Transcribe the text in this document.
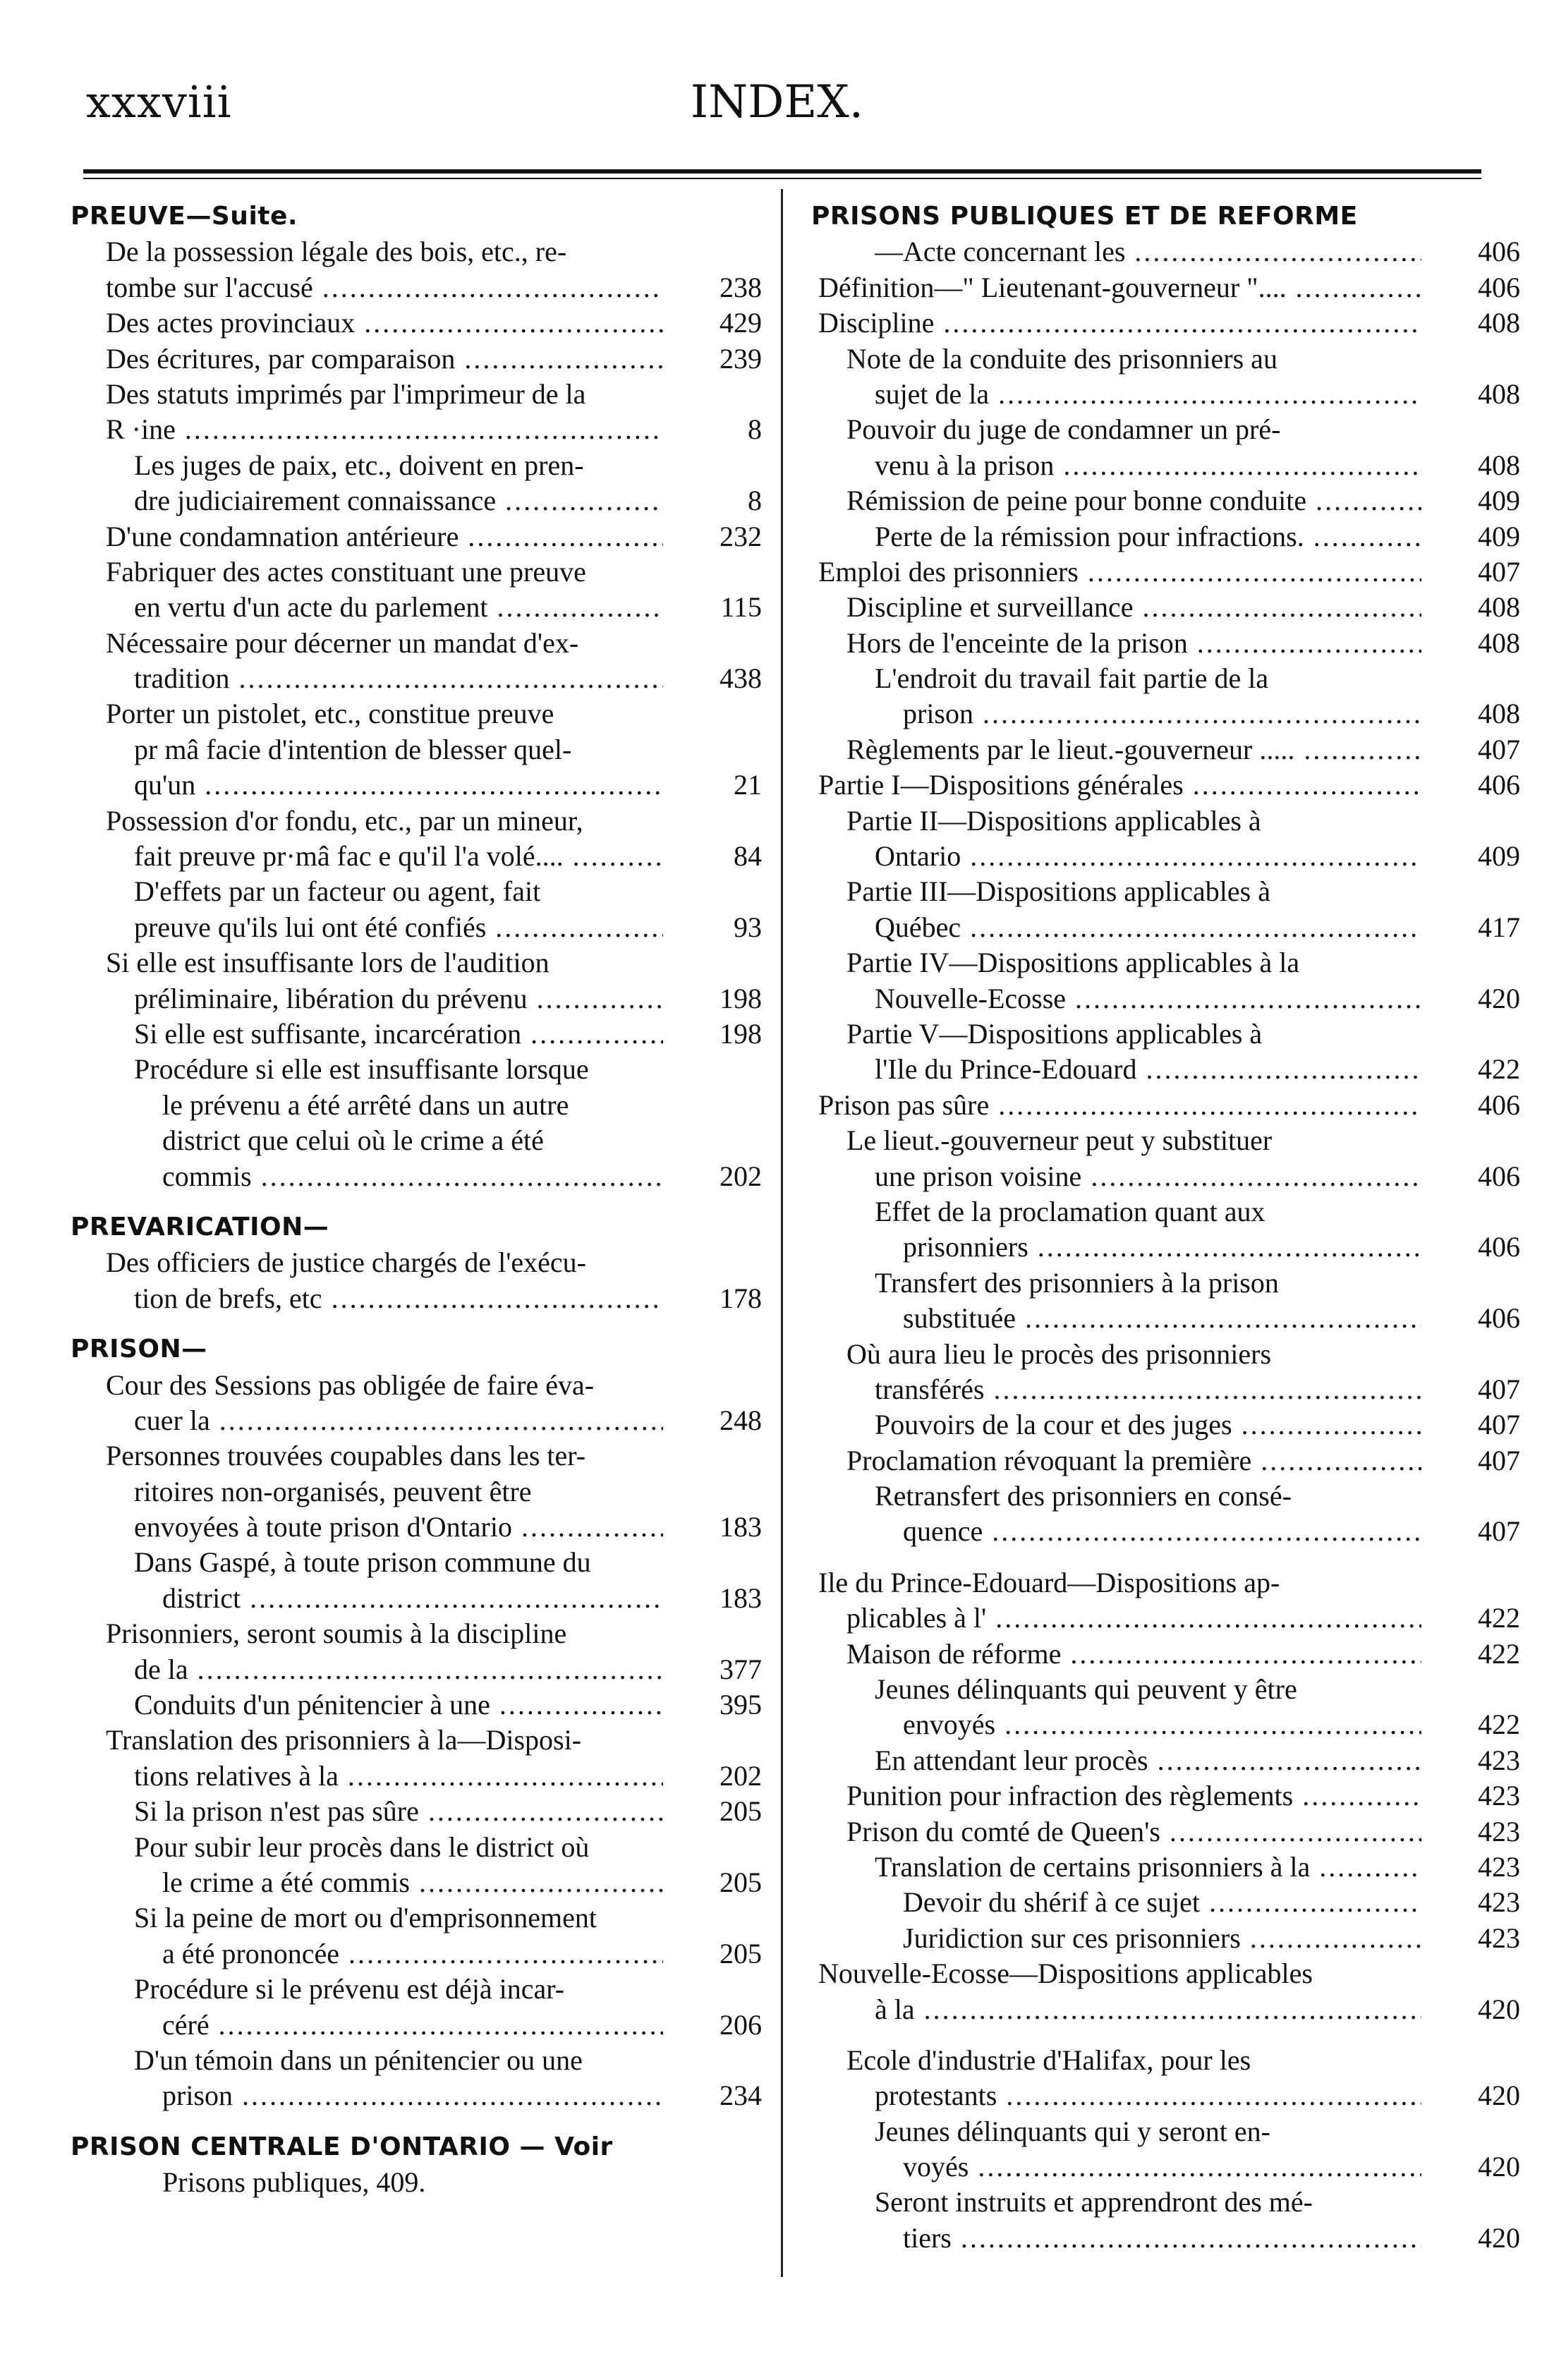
xxxviii	INDEX.
PREUVE—Suite.
De la possession légale des bois, etc., re-
tombe sur l'accusé .....	238
Des actes provinciaux .....	429
Des écritures, par comparaison .....	239
Des statuts imprimés par l'imprimeur de la
R ·ine .....	8
Les juges de paix, etc., doivent en pren-
dre judiciairement connaissance .....	8
D'une condamnation antérieure .....	232
Fabriquer des actes constituant une preuve
en vertu d'un acte du parlement .....	115
Nécessaire pour décerner un mandat d'ex-
tradition .....	438
Porter un pistolet, etc., constitue preuve
pr mâ facie d'intention de blesser quel-
qu'un .....	21
Possession d'or fondu, etc., par un mineur,
fait preuve pr·mâ fac e qu'il l'a volé.... .....	84
D'effets par un facteur ou agent, fait
preuve qu'ils lui ont été confiés .....	93
Si elle est insuffisante lors de l'audition
préliminaire, libération du prévenu .....	198
Si elle est suffisante, incarcération .....	198
Procédure si elle est insuffisante lorsque
le prévenu a été arrêté dans un autre
district que celui où le crime a été
commis .....	202
PREVARICATION—
Des officiers de justice chargés de l'exécu-
tion de brefs, etc .....	178
PRISON—
Cour des Sessions pas obligée de faire éva-
cuer la .....	248
Personnes trouvées coupables dans les ter-
ritoires non-organisés, peuvent être
envoyées à toute prison d'Ontario .....	183
Dans Gaspé, à toute prison commune du
district .....	183
Prisonniers, seront soumis à la discipline
de la .....	377
Conduits d'un pénitencier à une .....	395
Translation des prisonniers à la—Disposi-
tions relatives à la .....	202
Si la prison n'est pas sûre .....	205
Pour subir leur procès dans le district où
le crime a été commis .....	205
Si la peine de mort ou d'emprisonnement
a été prononcée .....	205
Procédure si le prévenu est déjà incar-
céré .....	206
D'un témoin dans un pénitencier ou une
prison .....	234
PRISON CENTRALE D'ONTARIO — Voir
Prisons publiques, 409.
PRISONS PUBLIQUES ET DE REFORME
—Acte concernant les .....	406
Définition—" Lieutenant-gouverneur ".... .....	406
Discipline .....	408
Note de la conduite des prisonniers au
sujet de la .....	408
Pouvoir du juge de condamner un pré-
venu à la prison .....	408
Rémission de peine pour bonne conduite .....	409
Perte de la rémission pour infractions. .....	409
Emploi des prisonniers .....	407
Discipline et surveillance .....	408
Hors de l'enceinte de la prison .....	408
L'endroit du travail fait partie de la
prison .....	408
Règlements par le lieut.-gouverneur ..... .....	407
Partie I—Dispositions générales .....	406
Partie II—Dispositions applicables à
Ontario .....	409
Partie III—Dispositions applicables à
Québec .....	417
Partie IV—Dispositions applicables à la
Nouvelle-Ecosse .....	420
Partie V—Dispositions applicables à
l'Ile du Prince-Edouard .....	422
Prison pas sûre .....	406
Le lieut.-gouverneur peut y substituer
une prison voisine .....	406
Effet de la proclamation quant aux
prisonniers .....	406
Transfert des prisonniers à la prison
substituée .....	406
Où aura lieu le procès des prisonniers
transférés .....	407
Pouvoirs de la cour et des juges .....	407
Proclamation révoquant la première .....	407
Retransfert des prisonniers en consé-
quence .....	407
Ile du Prince-Edouard—Dispositions ap-
plicables à l' .....	422
Maison de réforme .....	422
Jeunes délinquants qui peuvent y être
envoyés .....	422
En attendant leur procès .....	423
Punition pour infraction des règlements .....	423
Prison du comté de Queen's .....	423
Translation de certains prisonniers à la .....	423
Devoir du shérif à ce sujet .....	423
Juridiction sur ces prisonniers .....	423
Nouvelle-Ecosse—Dispositions applicables
à la .....	420
Ecole d'industrie d'Halifax, pour les
protestants .....	420
Jeunes délinquants qui y seront en-
voyés .....	420
Seront instruits et apprendront des mé-
tiers .....	420
